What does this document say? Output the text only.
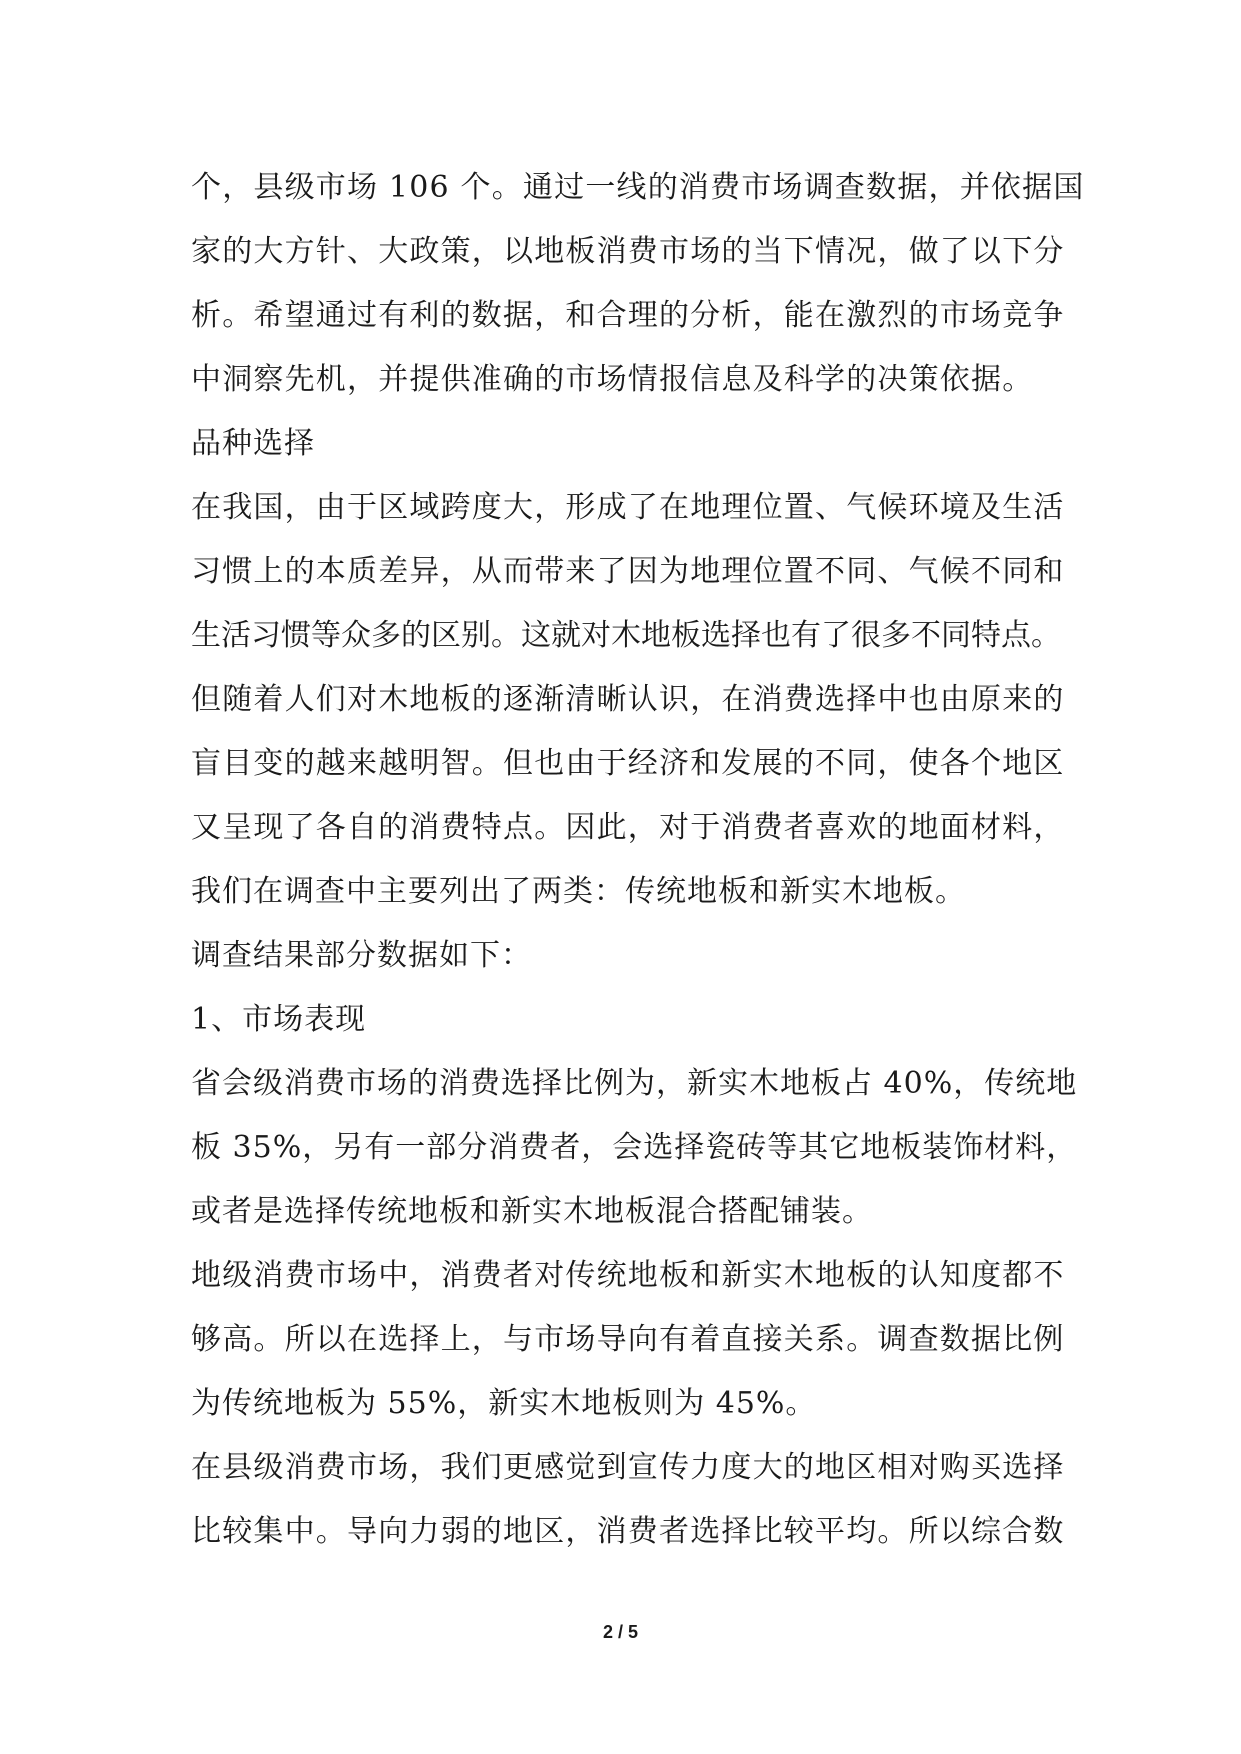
个，县级市场 106 个。通过一线的消费市场调查数据，并依据国
家的大方针、大政策，以地板消费市场的当下情况，做了以下分
析。希望通过有利的数据，和合理的分析，能在激烈的市场竞争
中洞察先机，并提供准确的市场情报信息及科学的决策依据。
品种选择
在我国，由于区域跨度大，形成了在地理位置、气候环境及生活
习惯上的本质差异，从而带来了因为地理位置不同、气候不同和
生活习惯等众多的区别。这就对木地板选择也有了很多不同特点。
但随着人们对木地板的逐渐清晰认识，在消费选择中也由原来的
盲目变的越来越明智。但也由于经济和发展的不同，使各个地区
又呈现了各自的消费特点。因此，对于消费者喜欢的地面材料，
我们在调查中主要列出了两类：传统地板和新实木地板。
调查结果部分数据如下：
1、市场表现
省会级消费市场的消费选择比例为，新实木地板占 40%，传统地
板 35%，另有一部分消费者，会选择瓷砖等其它地板装饰材料，
或者是选择传统地板和新实木地板混合搭配铺装。
地级消费市场中，消费者对传统地板和新实木地板的认知度都不
够高。所以在选择上，与市场导向有着直接关系。调查数据比例
为传统地板为 55%，新实木地板则为 45%。
在县级消费市场，我们更感觉到宣传力度大的地区相对购买选择
比较集中。导向力弱的地区，消费者选择比较平均。所以综合数
2 / 5
